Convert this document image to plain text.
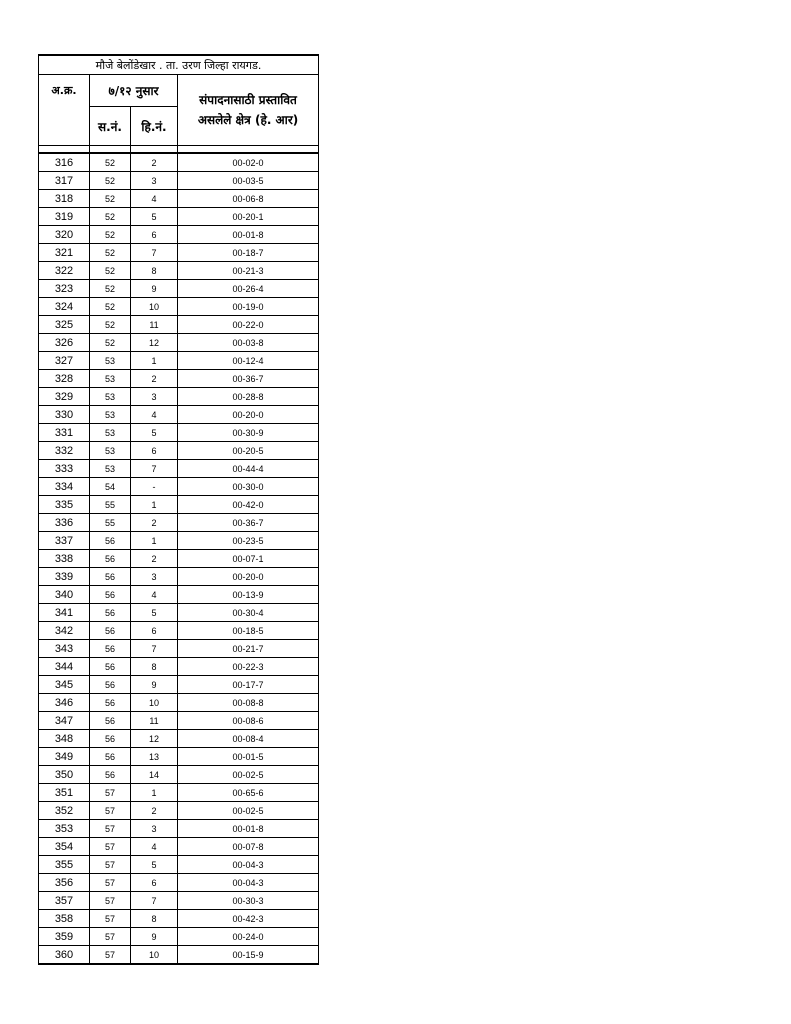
मौजे बेलोंडेखार . ता. उरण जिल्हा रायगड.			
अ.क्र.	७/१२ नुसार		संपादनासाठी प्रस्तावित
असलेले क्षेत्र (हे. आर)
	स.नं.	हि.नं.	

316	52	2	00-02-0
317	52	3	00-03-5
318	52	4	00-06-8
319	52	5	00-20-1
320	52	6	00-01-8
321	52	7	00-18-7
322	52	8	00-21-3
323	52	9	00-26-4
324	52	10	00-19-0
325	52	11	00-22-0
326	52	12	00-03-8
327	53	1	00-12-4
328	53	2	00-36-7
329	53	3	00-28-8
330	53	4	00-20-0
331	53	5	00-30-9
332	53	6	00-20-5
333	53	7	00-44-4
334	54	-	00-30-0
335	55	1	00-42-0
336	55	2	00-36-7
337	56	1	00-23-5
338	56	2	00-07-1
339	56	3	00-20-0
340	56	4	00-13-9
341	56	5	00-30-4
342	56	6	00-18-5
343	56	7	00-21-7
344	56	8	00-22-3
345	56	9	00-17-7
346	56	10	00-08-8
347	56	11	00-08-6
348	56	12	00-08-4
349	56	13	00-01-5
350	56	14	00-02-5
351	57	1	00-65-6
352	57	2	00-02-5
353	57	3	00-01-8
354	57	4	00-07-8
355	57	5	00-04-3
356	57	6	00-04-3
357	57	7	00-30-3
358	57	8	00-42-3
359	57	9	00-24-0
360	57	10	00-15-9
